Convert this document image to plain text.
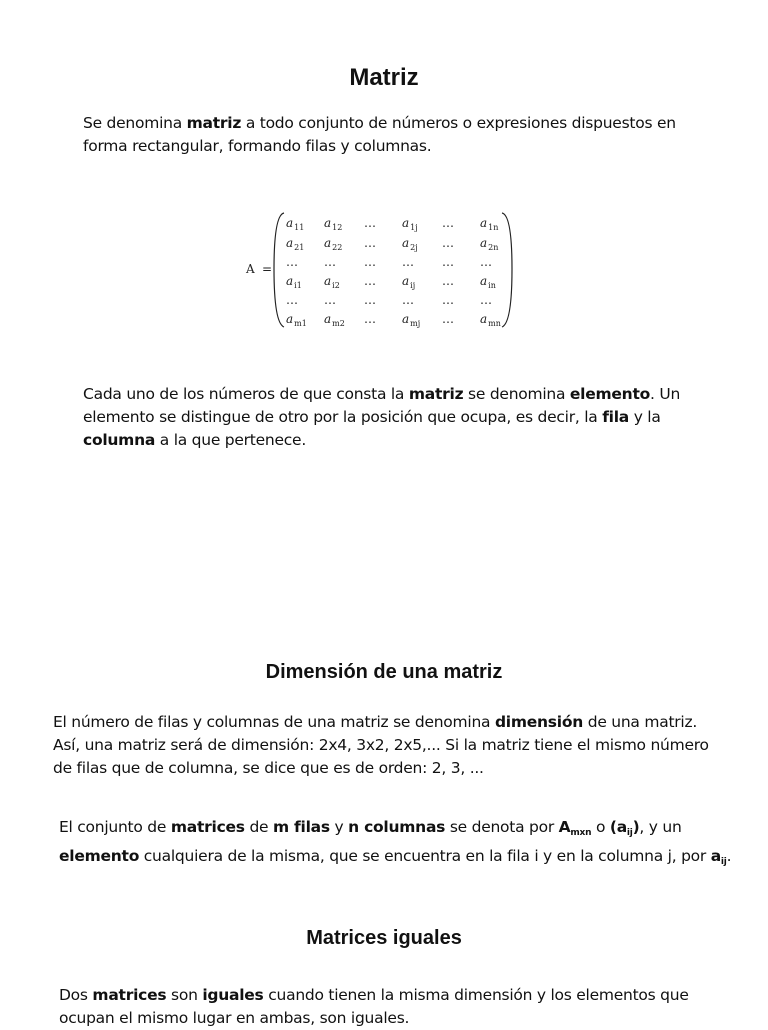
Matriz

Se denomina matriz a todo conjunto de números o expresiones dispuestos en
forma rectangular, formando filas y columnas.

A =
$a_{11}$ $a_{12}$ … $a_{1j}$ … $a_{1n}$
$a_{21}$ $a_{22}$ … $a_{2j}$ … $a_{2n}$
… … … … … …
$a_{i1}$ $a_{i2}$ … $a_{ij}$ … $a_{in}$
… … … … … …
$a_{m1}$ $a_{m2}$ … $a_{mj}$ … $a_{mn}$

Cada uno de los números de que consta la matriz se denomina elemento. Un
elemento se distingue de otro por la posición que ocupa, es decir, la fila y la
columna a la que pertenece.

Dimensión de una matriz

El número de filas y columnas de una matriz se denomina dimensión de una matriz.
Así, una matriz será de dimensión: 2x4, 3x2, 2x5,... Si la matriz tiene el mismo número
de filas que de columna, se dice que es de orden: 2, 3, ...

El conjunto de matrices de m filas y n columnas se denota por $A_{mxn}$ o $(a_{ij})$, y un
elemento cualquiera de la misma, que se encuentra en la fila i y en la columna j, por $a_{ij}$.

Matrices iguales

Dos matrices son iguales cuando tienen la misma dimensión y los elementos que
ocupan el mismo lugar en ambas, son iguales.
